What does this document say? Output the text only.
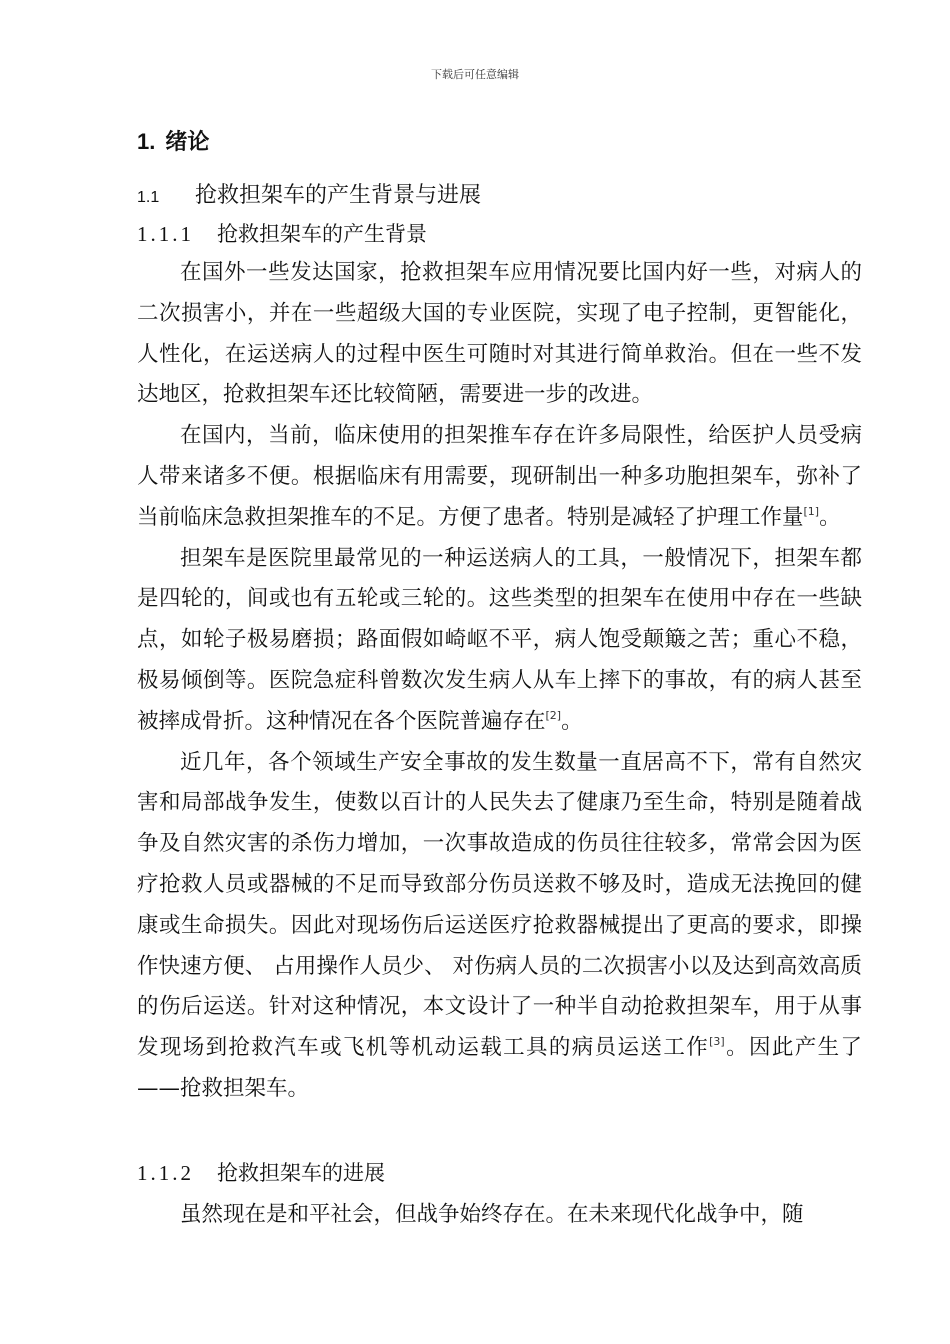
下载后可任意编辑
1. 绪论
1.1 抢救担架车的产生背景与进展
1.1.1 抢救担架车的产生背景

在国外一些发达国家，抢救担架车应用情况要比国内好一些，对病人的二次损害小，并在一些超级大国的专业医院，实现了电子控制，更智能化，人性化，在运送病人的过程中医生可随时对其进行简单救治。但在一些不发达地区，抢救担架车还比较简陋，需要进一步的改进。

在国内，当前，临床使用的担架推车存在许多局限性，给医护人员受病人带来诸多不便。根据临床有用需要，现研制出一种多功胞担架车，弥补了当前临床急救担架推车的不足。方便了患者。特别是减轻了护理工作量[1]。

担架车是医院里最常见的一种运送病人的工具，一般情况下，担架车都是四轮的，间或也有五轮或三轮的。这些类型的担架车在使用中存在一些缺点，如轮子极易磨损；路面假如崎岖不平，病人饱受颠簸之苦；重心不稳，极易倾倒等。医院急症科曾数次发生病人从车上摔下的事故，有的病人甚至被摔成骨折。这种情况在各个医院普遍存在[2]。

近几年，各个领域生产安全事故的发生数量一直居高不下，常有自然灾害和局部战争发生，使数以百计的人民失去了健康乃至生命，特别是随着战争及自然灾害的杀伤力增加，一次事故造成的伤员往往较多，常常会因为医疗抢救人员或器械的不足而导致部分伤员送救不够及时，造成无法挽回的健康或生命损失。因此对现场伤后运送医疗抢救器械提出了更高的要求，即操作快速方便、 占用操作人员少、 对伤病人员的二次损害小以及达到高效高质的伤后运送。针对这种情况，本文设计了一种半自动抢救担架车，用于从事发现场到抢救汽车或飞机等机动运载工具的病员运送工作[3]。因此产生了——抢救担架车。

1.1.2 抢救担架车的进展

虽然现在是和平社会，但战争始终存在。在未来现代化战争中，随
